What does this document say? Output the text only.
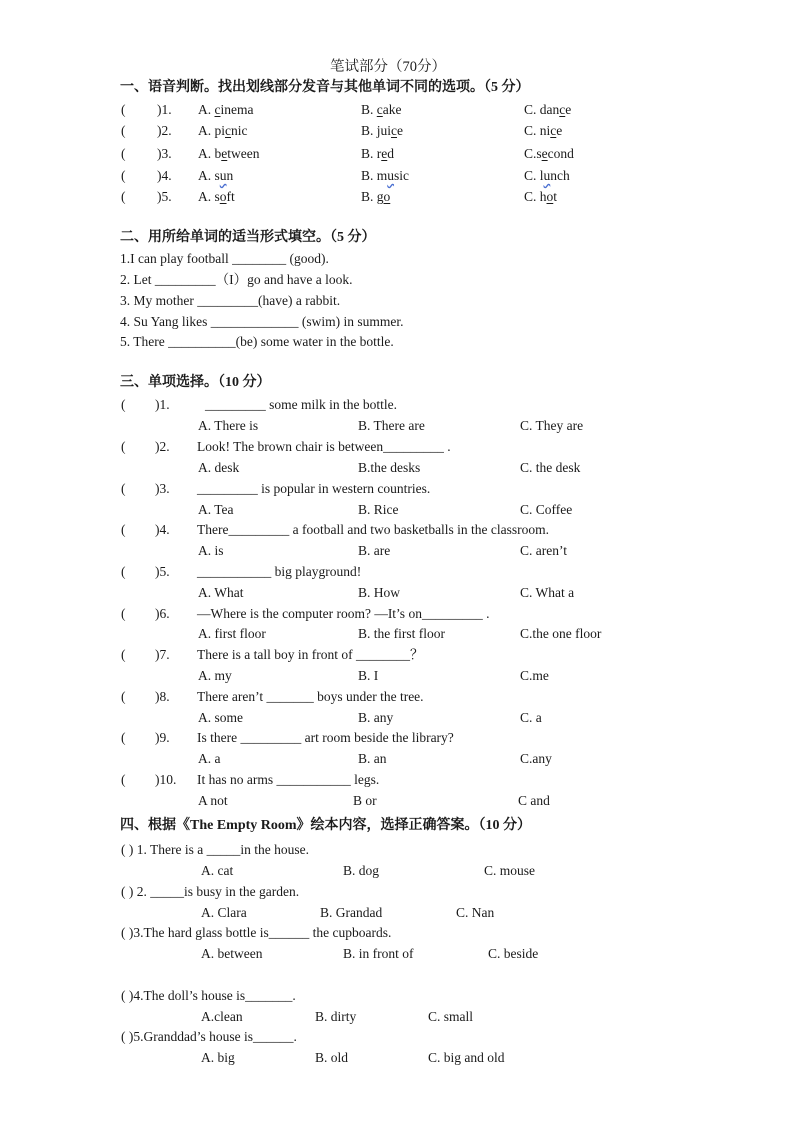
笔试部分（70分）
一、语音判断。找出划线部分发音与其他单词不同的选项。（5 分）
( )1. A. cinema	B. cake	C. dance
( )2. A. picnic	B. juice	C. nice
( )3. A. between	B. red	C.second
( )4. A. sun	B. music	C. lunch
( )5. A. soft	B. go	C. hot
二、用所给单词的适当形式填空。（5 分）
1.I can play football ________ (good).
2. Let _________（I）go and have a look.
3. My mother _________(have) a rabbit.
4. Su Yang likes _____________ (swim) in summer.
5. There __________(be) some water in the bottle.
三、单项选择。（10 分）
( )1.	_________ some milk in the bottle.
A. There is	B. There are	C. They are
( )2. Look! The brown chair is between_________ .
A. desk	B.the desks	C. the desk
( )3. _________ is popular in western countries.
A. Tea	B. Rice	C. Coffee
( )4. There_________ a football and two basketballs in the classroom.
A. is	B. are	C. aren’t
( )5. ___________ big playground!
A. What	B. How	C. What a
( )6. —Where is the computer room? —It’s on_________ .
A. first floor	B. the first floor	C.the one floor
( )7. There is a tall boy in front of ________？
A. my	B. I	C.me
( )8. There aren’t _______ boys under the tree.
A. some	B. any	C. a
( )9. Is there _________ art room beside the library?
A. a	B. an	C.any
( )10. It has no arms ___________ legs.
A not	B or	C and
四、根据《The Empty Room》绘本内容，选择正确答案。（10 分）
( ) 1. There is a _____in the house.
A. cat	B. dog	C. mouse
( ) 2. _____is busy in the garden.
A. Clara	B. Grandad	C. Nan
( )3.The hard glass bottle is______ the cupboards.
A. between	B. in front of	C. beside
( )4.The doll’s house is_______.
A.clean	B. dirty	C. small
( )5.Granddad’s house is______.
A. big	B. old	C. big and old
